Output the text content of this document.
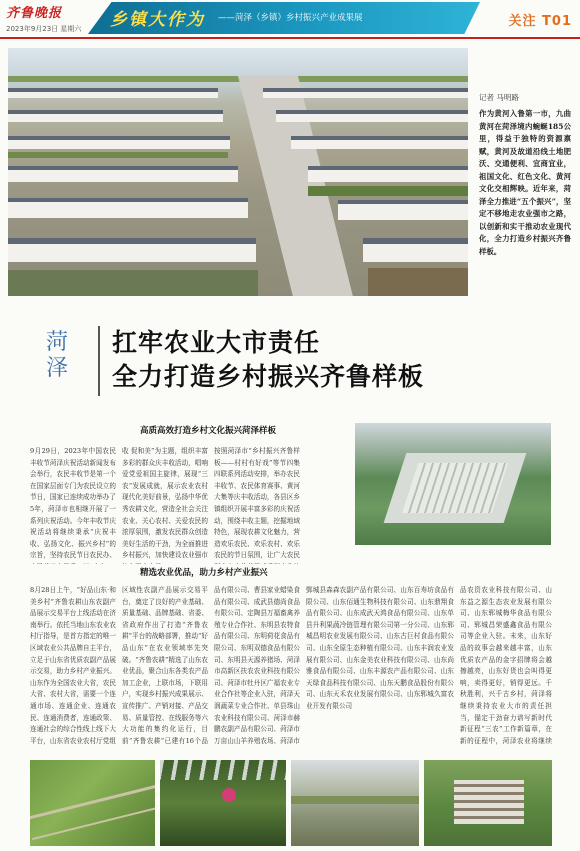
齐鲁晚报
2023年9月23日 星期六 乡镇大作为 ——菏泽（乡镇）乡村振兴产业成果展	关注 T01
记者 马明路
作为黄河入鲁第一市，九曲黄河在菏泽境内蜿蜒185公里，得益于独特的资源禀赋，黄河及故道沿线土地肥沃、交通便利、宜商宜业，祖国文化、红色文化、黄河文化交相辉映。近年来，菏泽全力推进“五个振兴”，坚定不移地走农业强市之路，以创新和实干推动农业现代化，全力打造乡村振兴齐鲁样板。
菏泽
扛牢农业大市责任
全力打造乡村振兴齐鲁样板
高质高效打造乡村文化振兴菏泽样板
9月29日，2023年中国农民丰收节菏泽庆祝活动新闻发布会举行，农民丰收节是第一个在国家层面专门为农民设立的节日，国家已连续成功举办了5年，菏泽市也相继开展了一系列庆祝活动。今年丰收节庆祝活动将继续秉承“庆祝丰收、弘扬文化、振兴乡村”的宗旨，坚持农民节日农民办、
收 促和美”为主题，组织丰富多彩的群众庆丰收活动，唱响爱党爱祖国主旋律，展现“三农”发展成就，展示农业农村现代化美好前景，弘扬中华优秀农耕文化，营造全社会关注农业、关心农村、关爱农民的浓厚氛围，激发农民群众创造美好生活的干劲，为全面推进乡村振兴，加快建设农业强市
按照菏泽市“乡村振兴齐鲁样板——村村有好戏”等节四集四联系列活动安排，举办农民丰收节、农民体育赛事、黄河大集等庆丰收活动，各县区乡镇组织开展丰富多彩的庆祝活动，围绕丰收主题，挖掘地域特色，展现农耕文化魅力，营造欢乐农民、欢乐农村、欢乐农民的节日氛围，让广大农民
精选农业优品，助力乡村产业振兴
8月28日上午，“好品山东·和美乡村”齐鲁农耕山东农副产品展示交易平台上线活动在济南举行。依托当地山东农业农村厅指导，是首方指定的唯一区域农业公共品牌自主平台，立足于山东省优质农副产品展示交易，助力乡村产业振兴。山东作为全国农业大省，农民大省、农村大省，需要一个连通市场、连通企业、连通农民、连通消费者，连通政策、连通社会的综合性线上线下大平台，山东省农业农村厅党组
区域性农副产品展示交易平台，奠定了良好的产业基础、质量基础、品牌基础、省委、省政府作出了打造“齐鲁农耕”平台的战略部署，推动“好品山东”在农业领域率先突破。“齐鲁农耕”精选了山东农业优品，聚合山东各类农产品加工企业，上联市场，下联用户，实现乡村振兴成果展示、宣传推广、产销对接、产品交易、质量管控、在线服务等六大功能的集约化运行，目前“齐鲁农耕”已建有16个品
品有限公司、曹县家业蜡染食品有限公司、成武县德尚食品有限公司、定陶县万福畜禽养殖专业合作社、东明县农特食品有限公司、东明荷花食品有限公司、东明双德食品有限公司、东明县天源养猪场、菏泽市高新区扶农农业科技有限公司、菏泽市牡丹区广福农业专业合作社等企业入驻，菏泽天润蔬菜专业合作社、单县珠山农业科技有限公司、菏泽市赫鹏农副产品有限公司、菏泽市万亩山山羊养殖农场、菏泽市
鄄城县森森农副产品有限公司、山东百寿坊食品有限公司、山东佰通生物科技有限公司、山东鼎翔食品有限公司、山东成武天鸿食品有限公司、山东单县升利果蔬冷链管理有限公司第一分公司、山东郓城昌明农业发展有限公司、山东古巨村食品有限公司、山东全原生态种植有限公司、山东丰润农业发展有限公司、山东金美农业科技有限公司、山东尚雅食品有限公司、山东丰源农产品有限公司、山东天绿食品科技有限公司、山东天鹏食品股份有限公司、山东天禾农业发展有限公司、山东郓城久富农业开发有限公司
品农资农业科技有限公司、山东益之源生态农业发展有限公司、山东郓城梅华食品有限公司、郓城昌荣盛鑫食品有限公司等企业入驻。未来，山东好品的故事会越来越丰富，山东优质农产品的金字招牌将会越擦越亮，山东好货也会叫得更响，卖得更好，销得更远。千秋胜利，兴千古乡村，菏泽将继续秉持农业大市的责任担当，锚定干劲奋力谱写新时代新征程“三农”工作新篇章，在新的征程中，菏泽农业将继续
